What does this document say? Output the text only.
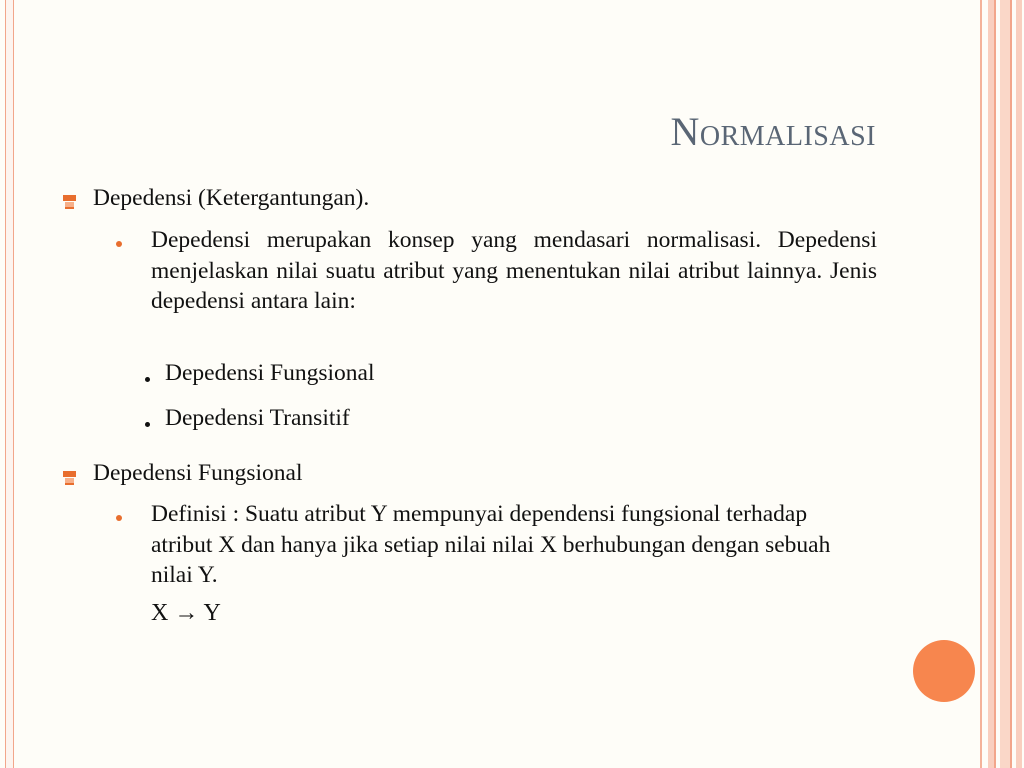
Normalisasi
Depedensi (Ketergantungan).
Depedensi merupakan konsep yang mendasari normalisasi. Depedensi menjelaskan nilai suatu atribut yang menentukan nilai atribut lainnya. Jenis depedensi antara lain:
Depedensi Fungsional
Depedensi Transitif
Depedensi Fungsional
Definisi : Suatu atribut Y mempunyai dependensi fungsional terhadap atribut X dan hanya jika setiap nilai nilai X berhubungan dengan sebuah nilai Y.
X → Y
